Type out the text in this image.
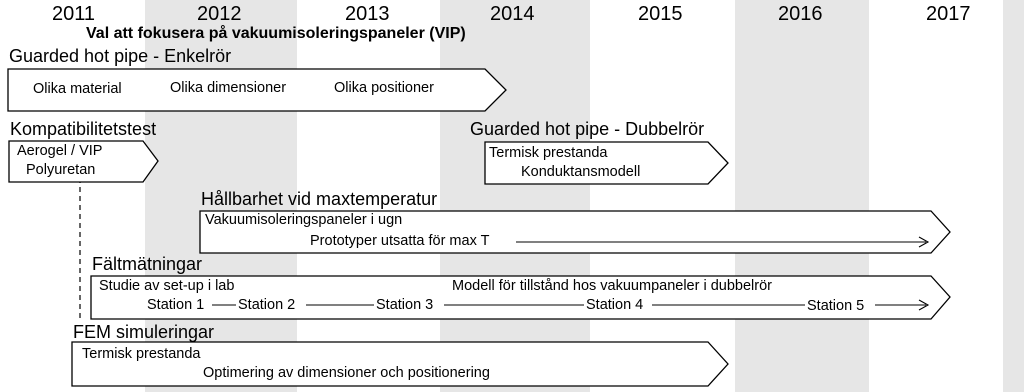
2011	2012	2013	2014	2015	2016	2017
Val att fokusera på vakuumisoleringspaneler (VIP)
Guarded hot pipe - Enkelrör
Olika material	Olika dimensioner	Olika positioner
Kompatibilitetstest
Aerogel / VIP
Polyuretan
Guarded hot pipe - Dubbelrör
Termisk prestanda
Konduktansmodell
Hållbarhet vid maxtemperatur
Vakuumisoleringspaneler i ugn
Prototyper utsatta för max T
Fältmätningar
Studie av set-up i lab	Modell för tillstånd hos vakuumpaneler i dubbelrör
Station 1 Station 2	Station 3	Station 4	Station 5
FEM simuleringar
Termisk prestanda
Optimering av dimensioner och positionering
